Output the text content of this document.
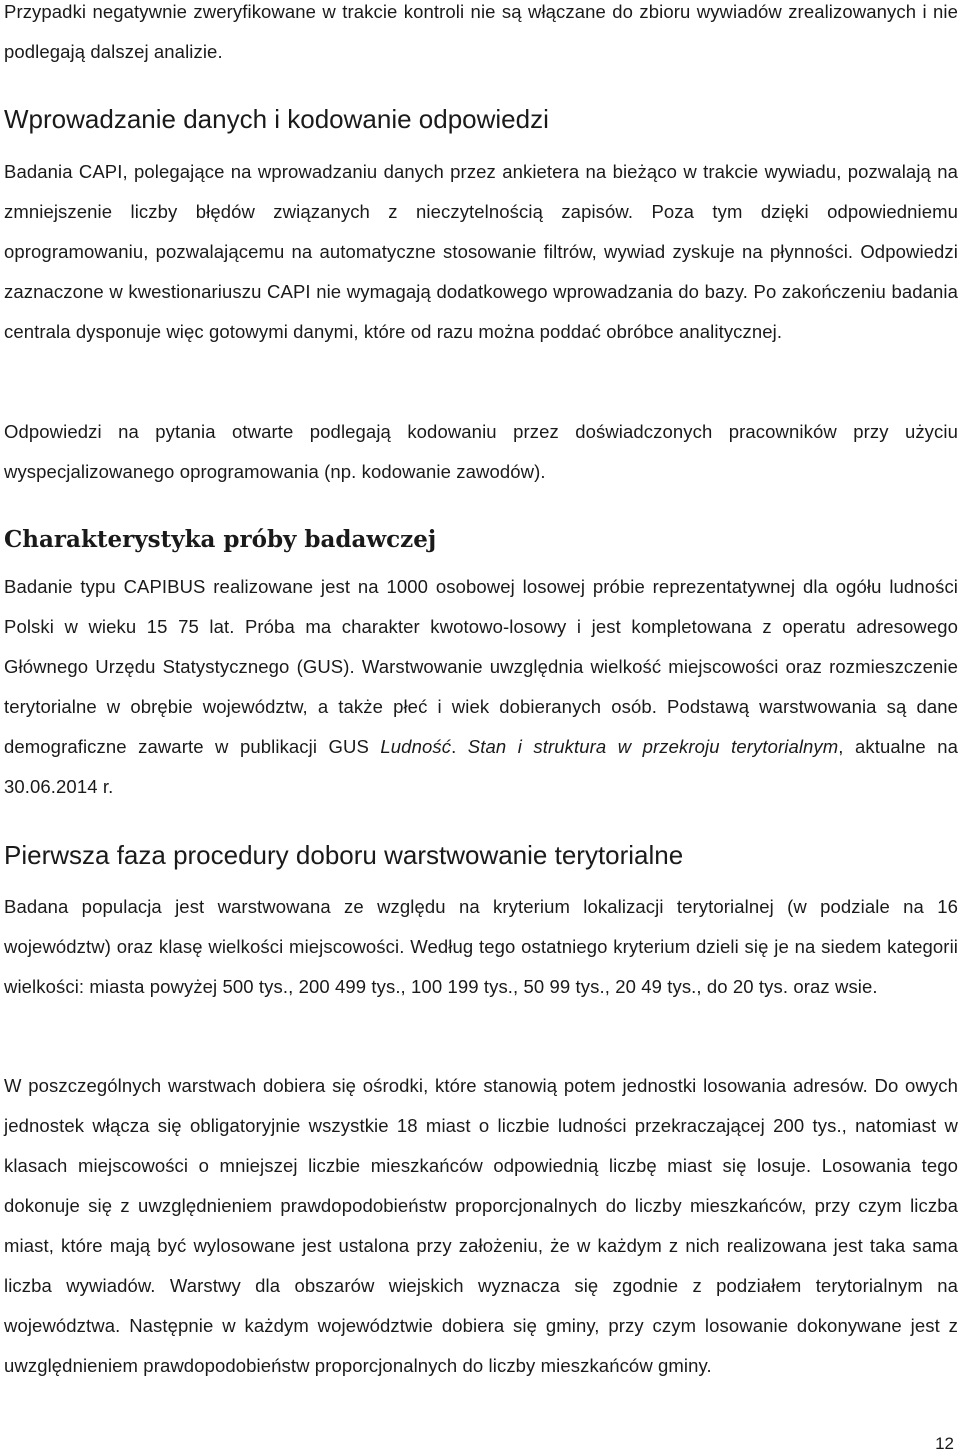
Przypadki negatywnie zweryfikowane w trakcie kontroli nie są włączane do zbioru wywiadów zrealizowanych i nie podlegają dalszej analizie.

Wprowadzanie danych i kodowanie odpowiedzi

Badania CAPI, polegające na wprowadzaniu danych przez ankietera na bieżąco w trakcie wywiadu, pozwalają na zmniejszenie liczby błędów związanych z nieczytelnością zapisów. Poza tym dzięki odpowiedniemu oprogramowaniu, pozwalającemu na automatyczne stosowanie filtrów, wywiad zyskuje na płynności. Odpowiedzi zaznaczone w kwestionariuszu CAPI nie wymagają dodatkowego wprowadzania do bazy. Po zakończeniu badania centrala dysponuje więc gotowymi danymi, które od razu można poddać obróbce analitycznej.

Odpowiedzi na pytania otwarte podlegają kodowaniu przez doświadczonych pracowników przy użyciu wyspecjalizowanego oprogramowania (np. kodowanie zawodów).

Charakterystyka próby badawczej

Badanie typu CAPIBUS realizowane jest na 1000 osobowej losowej próbie reprezentatywnej dla ogółu ludności Polski w wieku 15 75 lat. Próba ma charakter kwotowo-losowy i jest kompletowana z operatu adresowego Głównego Urzędu Statystycznego (GUS). Warstwowanie uwzględnia wielkość miejscowości oraz rozmieszczenie terytorialne w obrębie województw, a także płeć i wiek dobieranych osób. Podstawą warstwowania są dane demograficzne zawarte w publikacji GUS Ludność. Stan i struktura w przekroju terytorialnym, aktualne na 30.06.2014 r.

Pierwsza faza procedury doboru warstwowanie terytorialne

Badana populacja jest warstwowana ze względu na kryterium lokalizacji terytorialnej (w podziale na 16 województw) oraz klasę wielkości miejscowości. Według tego ostatniego kryterium dzieli się je na siedem kategorii wielkości: miasta powyżej 500 tys., 200 499 tys., 100 199 tys., 50 99 tys., 20 49 tys., do 20 tys. oraz wsie.

W poszczególnych warstwach dobiera się ośrodki, które stanowią potem jednostki losowania adresów. Do owych jednostek włącza się obligatoryjnie wszystkie 18 miast o liczbie ludności przekraczającej 200 tys., natomiast w klasach miejscowości o mniejszej liczbie mieszkańców odpowiednią liczbę miast się losuje. Losowania tego dokonuje się z uwzględnieniem prawdopodobieństw proporcjonalnych do liczby mieszkańców, przy czym liczba miast, które mają być wylosowane jest ustalona przy założeniu, że w każdym z nich realizowana jest taka sama liczba wywiadów. Warstwy dla obszarów wiejskich wyznacza się zgodnie z podziałem terytorialnym na województwa. Następnie w każdym województwie dobiera się gminy, przy czym losowanie dokonywane jest z uwzględnieniem prawdopodobieństw proporcjonalnych do liczby mieszkańców gminy.

12
